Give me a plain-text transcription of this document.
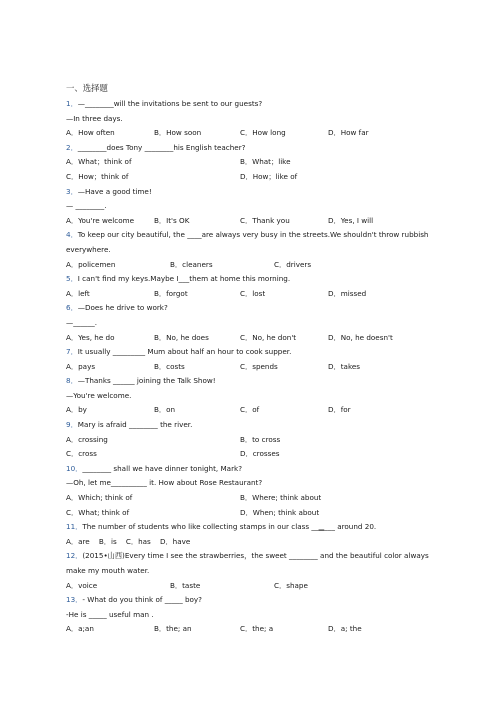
一、选择题
1．—________will the invitations be sent to our guests?
—In three days.
A．How often	B．How soon	C．How long	D．How far
2．________does Tony ________his English teacher?
A．What；think of	B．What；like
C．How；think of	D．How；like of
3．—Have a good time!
— ________.
A．You're welcome	B．It's OK	C．Thank you	D．Yes, I will
4．To keep our city beautiful, the ____are always very busy in the streets.We shouldn't throw rubbish everywhere.
A．policemen	B．cleaners	C．drivers
5．I can't find my keys.Maybe I___them at home this morning.
A．left	B．forgot	C．lost	D．missed
6．—Does he drive to work?
—______.
A．Yes, he do	B．No, he does	C．No, he don't	D．No, he doesn't
7．It usually _________ Mum about half an hour to cook supper.
A．pays	B．costs	C．spends	D．takes
8．—Thanks ______ joining the Talk Show!
—You're welcome.
A．by	B．on	C．of	D．for
9．Mary is afraid ________ the river.
A．crossing	B．to cross
C．cross	D．crosses
10．________ shall we have dinner tonight, Mark?
—Oh, let me__________ it. How about Rose Restaurant?
A．Which; think of	B．Where; think about
C．What; think of	D．When; think about
11．The number of students who like collecting stamps in our class __▁___ around 20.
A．are B．is C．has D．have
12．(2015•山西)Every time I see the strawberries，the sweet ________ and the beautiful color always make my mouth water.
A．voice	B．taste	C．shape
13．- What do you think of _____ boy?
-He is _____ useful man .
A．a;an	B．the; an	C．the; a	D．a; the
